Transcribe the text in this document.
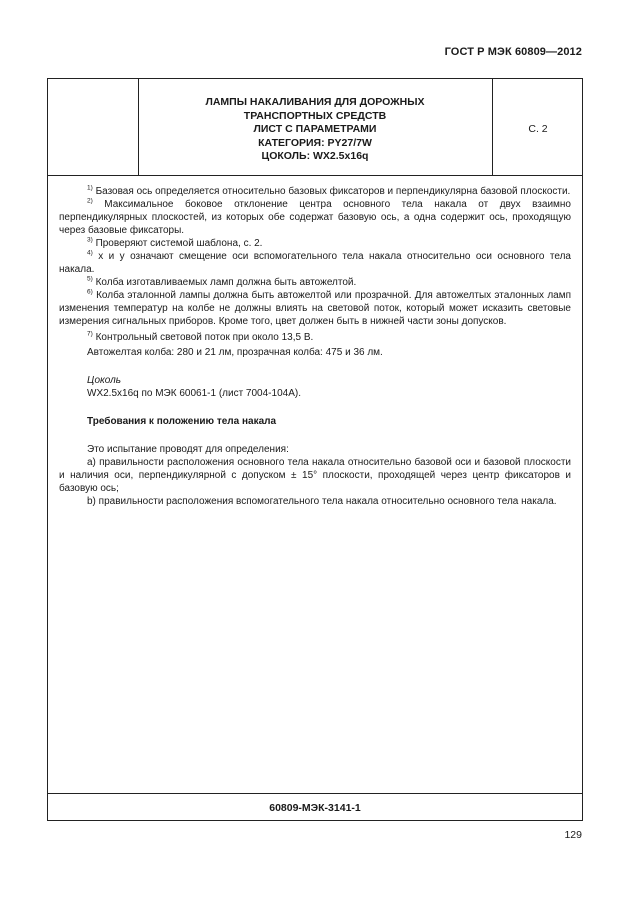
ГОСТ Р МЭК 60809—2012
ЛАМПЫ НАКАЛИВАНИЯ ДЛЯ ДОРОЖНЫХ
ТРАНСПОРТНЫХ СРЕДСТВ
ЛИСТ С ПАРАМЕТРАМИ
КАТЕГОРИЯ: PY27/7W
ЦОКОЛЬ: WX2.5x16q
С. 2

$^{1)}$ Базовая ось определяется относительно базовых фиксаторов и перпендикулярна базовой плоскости.

$^{2)}$ Максимальное боковое отклонение центра основного тела накала от двух взаимно перпендикулярных плоскостей, из которых обе содержат базовую ось, а одна содержит ось, проходящую через базовые фиксаторы.

$^{3)}$ Проверяют системой шаблона, с. 2.

$^{4)}$ x и y означают смещение оси вспомогательного тела накала относительно оси основного тела накала.

$^{5)}$ Колба изготавливаемых ламп должна быть автожелтой.

$^{6)}$ Колба эталонной лампы должна быть автожелтой или прозрачной. Для автожелтых эталонных ламп изменения температур на колбе не должны влиять на световой поток, который может исказить световые измерения сигнальных приборов. Кроме того, цвет должен быть в нижней части зоны допусков.

$^{7)}$ Контрольный световой поток при около 13,5 В.

Автожелтая колба: 280 и 21 лм, прозрачная колба: 475 и 36 лм.

Цоколь

WX2.5x16q по МЭК 60061-1 (лист 7004-104А).

Требования к положению тела накала

Это испытание проводят для определения:

а) правильности расположения основного тела накала относительно базовой оси и базовой плоскости и наличия оси, перпендикулярной с допуском ± 15° плоскости, проходящей через центр фиксаторов и базовую ось;

b) правильности расположения вспомогательного тела накала относительно основного тела накала.

60809-МЭК-3141-1
129
